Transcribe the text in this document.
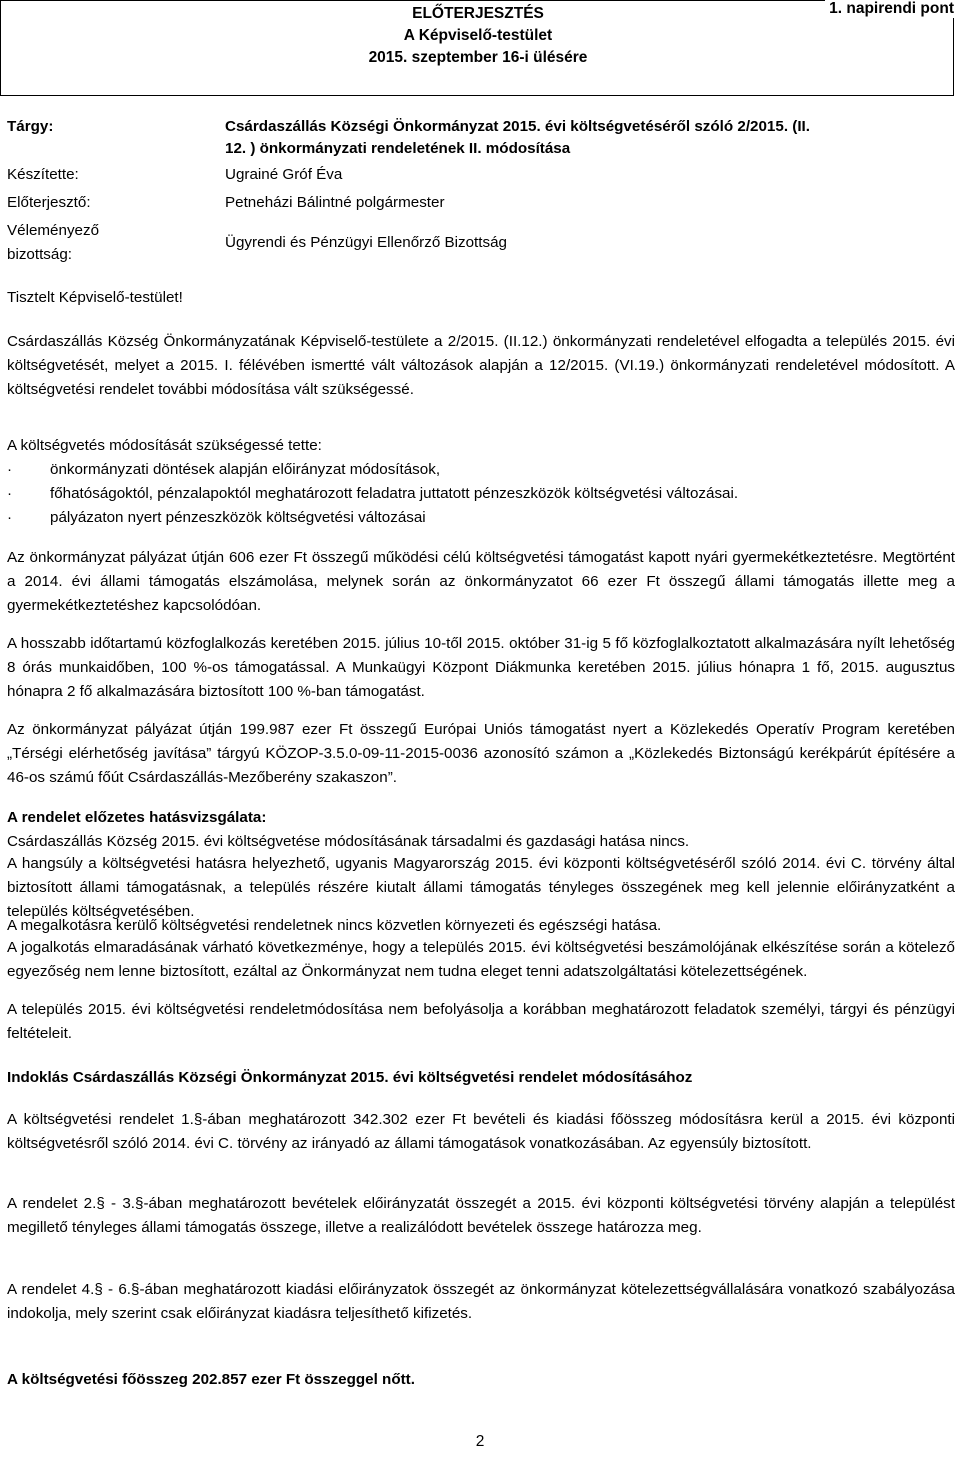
ELŐTERJESZTÉS
A Képviselő-testület
2015. szeptember 16-i ülésére
1. napirendi pont
Tárgy:	Csárdaszállás Községi Önkormányzat 2015. évi költségvetéséről szóló 2/2015. (II. 12. ) önkormányzati rendeletének II. módosítása
Készítette:	Ugrainé Gróf Éva
Előterjesztő:	Petneházi Bálintné polgármester
Véleményező
bizottság:
Ügyrendi és Pénzügyi Ellenőrző Bizottság
Tisztelt Képviselő-testület!
Csárdaszállás Község Önkormányzatának Képviselő-testülete a 2/2015. (II.12.) önkormányzati rendeletével elfogadta a település 2015. évi költségvetését, melyet a 2015. I. félévében ismertté vált változások alapján a 12/2015. (VI.19.) önkormányzati rendeletével módosított. A költségvetési rendelet további módosítása vált szükségessé.
A költségvetés módosítását szükségessé tette:
· önkormányzati döntések alapján előirányzat módosítások,
· főhatóságoktól, pénzalapoktól meghatározott feladatra juttatott pénzeszközök költségvetési változásai.
· pályázaton nyert pénzeszközök költségvetési változásai
Az önkormányzat pályázat útján 606 ezer Ft összegű működési célú költségvetési támogatást kapott nyári gyermekétkeztetésre. Megtörtént a 2014. évi állami támogatás elszámolása, melynek során az önkormányzatot 66 ezer Ft összegű állami támogatás illette meg a gyermekétkeztetéshez kapcsolódóan.
A hosszabb időtartamú közfoglalkozás keretében 2015. július 10-től 2015. október 31-ig 5 fő közfoglalkoztatott alkalmazására nyílt lehetőség 8 órás munkaidőben, 100 %-os támogatással. A Munkaügyi Központ Diákmunka keretében 2015. július hónapra 1 fő, 2015. augusztus hónapra 2 fő alkalmazására biztosított 100 %-ban támogatást.
Az önkormányzat pályázat útján 199.987 ezer Ft összegű Európai Uniós támogatást nyert a Közlekedés Operatív Program keretében „Térségi elérhetőség javítása” tárgyú KÖZOP-3.5.0-09-11-2015-0036 azonosító számon a „Közlekedés Biztonságú kerékpárút építésére a 46-os számú főút Csárdaszállás-Mezőberény szakaszon”.
A rendelet előzetes hatásvizsgálata:
Csárdaszállás Község 2015. évi költségvetése módosításának társadalmi és gazdasági hatása nincs.
A hangsúly a költségvetési hatásra helyezhető, ugyanis Magyarország 2015. évi központi költségvetéséről szóló 2014. évi C. törvény által biztosított állami támogatásnak, a település részére kiutalt állami támogatás tényleges összegének meg kell jelennie előirányzatként a település költségvetésében.
A megalkotásra kerülő költségvetési rendeletnek nincs közvetlen környezeti és egészségi hatása.
A jogalkotás elmaradásának várható következménye, hogy a település 2015. évi költségvetési beszámolójának elkészítése során a kötelező egyezőség nem lenne biztosított, ezáltal az Önkormányzat nem tudna eleget tenni adatszolgáltatási kötelezettségének.
A település 2015. évi költségvetési rendeletmódosítása nem befolyásolja a korábban meghatározott feladatok személyi, tárgyi és pénzügyi feltételeit.
Indoklás Csárdaszállás Községi Önkormányzat 2015. évi költségvetési rendelet módosításához
A költségvetési rendelet 1.§-ában meghatározott 342.302 ezer Ft bevételi és kiadási főösszeg módosításra kerül a 2015. évi központi költségvetésről szóló 2014. évi C. törvény az irányadó az állami támogatások vonatkozásában. Az egyensúly biztosított.
A rendelet 2.§ - 3.§-ában meghatározott bevételek előirányzatát összegét a 2015. évi központi költségvetési törvény alapján a települést megillető tényleges állami támogatás összege, illetve a realizálódott bevételek összege határozza meg.
A rendelet 4.§ - 6.§-ában meghatározott kiadási előirányzatok összegét az önkormányzat kötelezettségvállalására vonatkozó szabályozása indokolja, mely szerint csak előirányzat kiadásra teljesíthető kifizetés.
A költségvetési főösszeg 202.857 ezer Ft összeggel nőtt.
2
